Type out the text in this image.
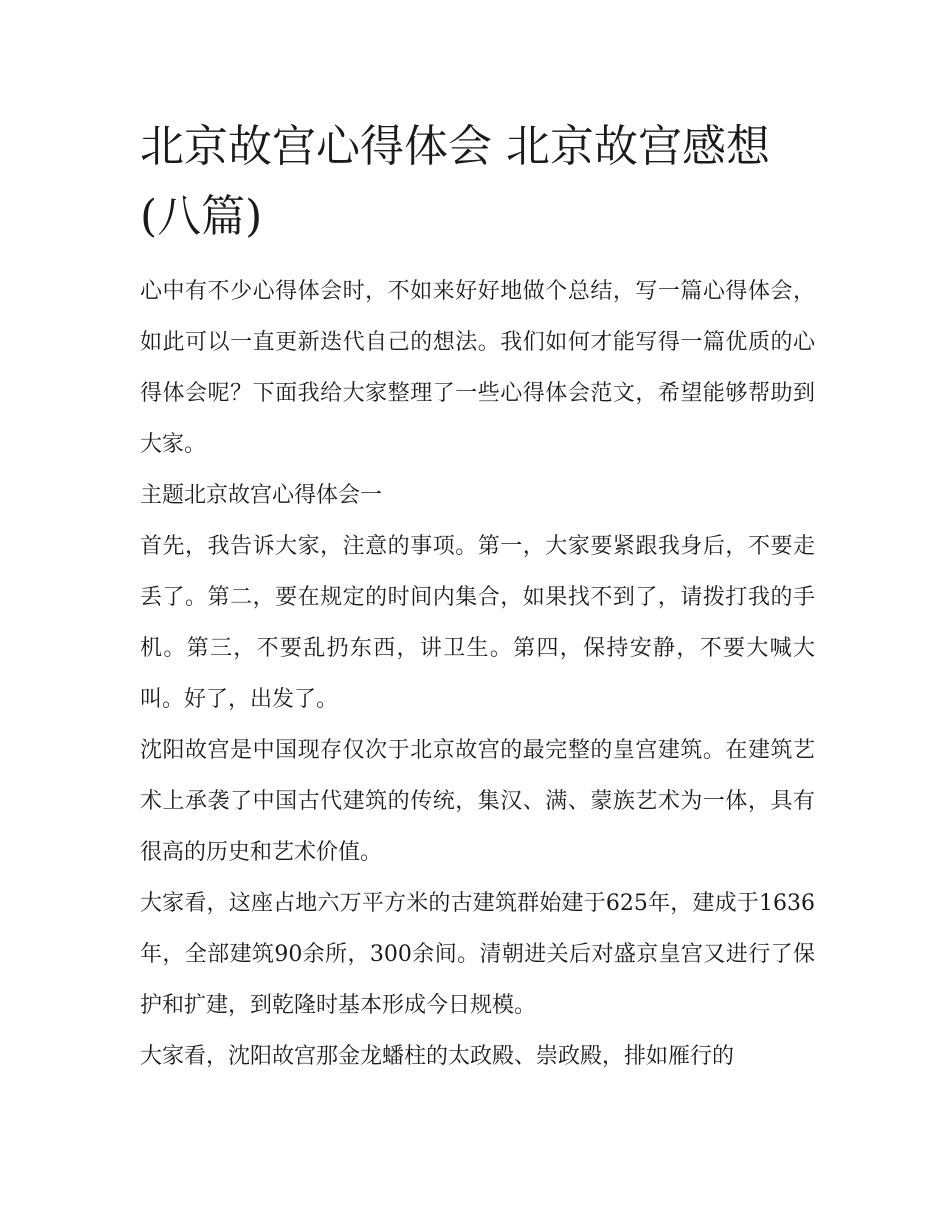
北京故宫心得体会 北京故宫感想(八篇)

心中有不少心得体会时，不如来好好地做个总结，写一篇心得体会，如此可以一直更新迭代自己的想法。我们如何才能写得一篇优质的心得体会呢？下面我给大家整理了一些心得体会范文，希望能够帮助到大家。

主题北京故宫心得体会一

首先，我告诉大家，注意的事项。第一，大家要紧跟我身后，不要走丢了。第二，要在规定的时间内集合，如果找不到了，请拨打我的手机。第三，不要乱扔东西，讲卫生。第四，保持安静，不要大喊大叫。好了，出发了。

沈阳故宫是中国现存仅次于北京故宫的最完整的皇宫建筑。在建筑艺术上承袭了中国古代建筑的传统，集汉、满、蒙族艺术为一体，具有很高的历史和艺术价值。

大家看，这座占地六万平方米的古建筑群始建于625年，建成于1636年，全部建筑90余所，300余间。清朝进关后对盛京皇宫又进行了保护和扩建，到乾隆时基本形成今日规模。

大家看，沈阳故宫那金龙蟠柱的太政殿、崇政殿，排如雁行的
